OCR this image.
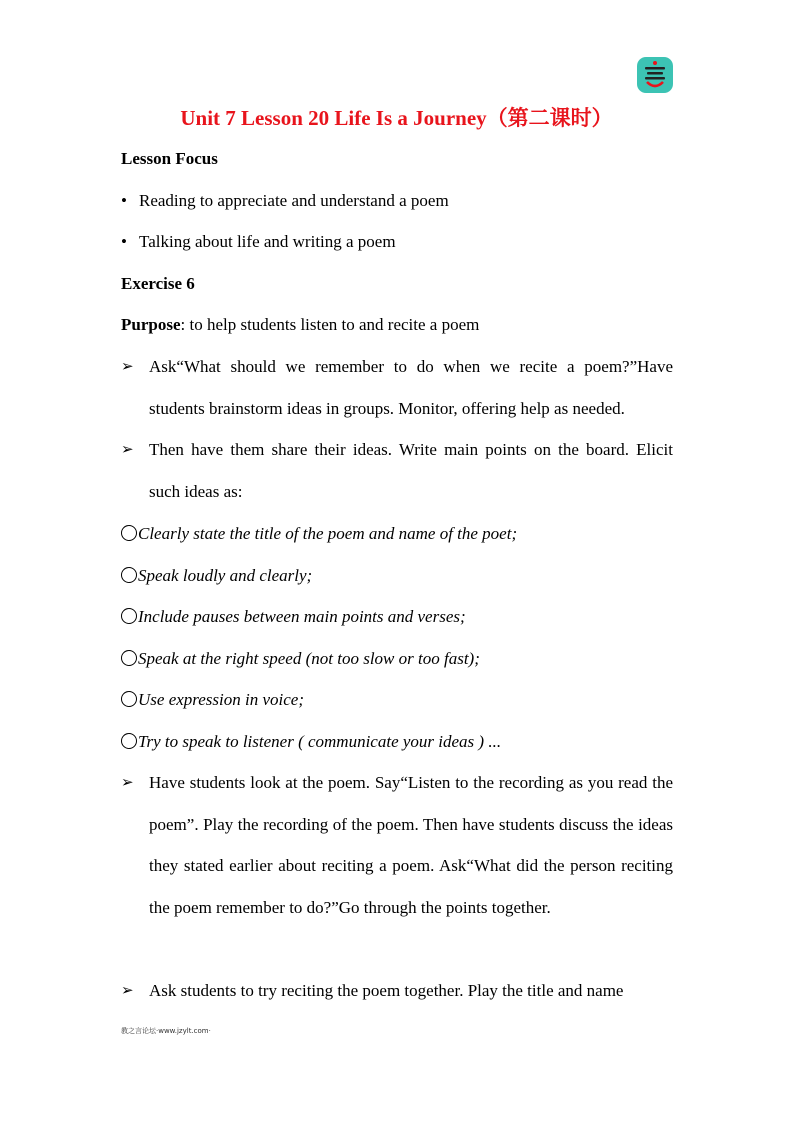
Unit 7 Lesson 20 Life Is a Journey（第二课时）
Lesson Focus
• Reading to appreciate and understand a poem
• Talking about life and writing a poem
Exercise 6
Purpose: to help students listen to and recite a poem
➢ Ask“What should we remember to do when we recite a poem?”Have students brainstorm ideas in groups. Monitor, offering help as needed.
➢ Then have them share their ideas. Write main points on the board. Elicit such ideas as:
Clearly state the title of the poem and name of the poet;
Speak loudly and clearly;
Include pauses between main points and verses;
Speak at the right speed (not too slow or too fast);
Use expression in voice;
Try to speak to listener ( communicate your ideas ) ...
➢ Have students look at the poem. Say“Listen to the recording as you read the poem”. Play the recording of the poem. Then have students discuss the ideas they stated earlier about reciting a poem. Ask“What did the person reciting the poem remember to do?”Go through the points together.
➢ Ask students to try reciting the poem together. Play the title and name
教之言论坛·www.jzylt.com·
